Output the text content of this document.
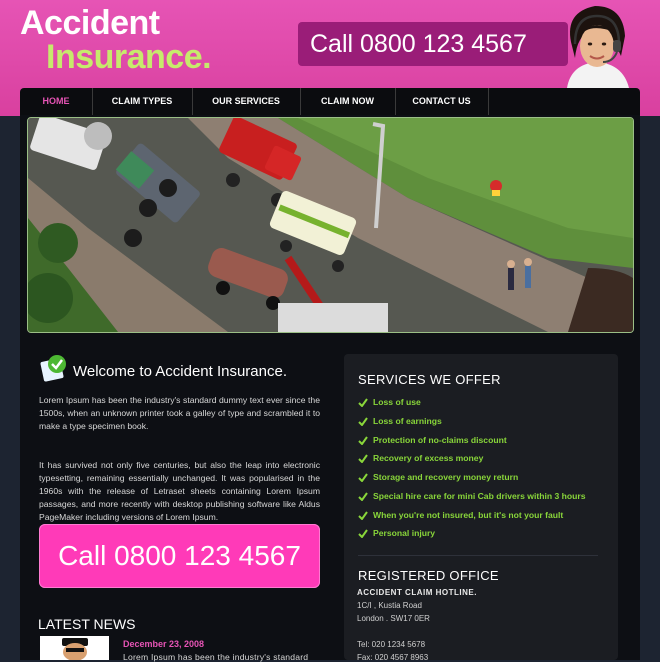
Accident
Insurance.	Call 0800 123 4567
HOME	CLAIM TYPES	OUR SERVICES	CLAIM NOW	CONTACT US
Welcome to Accident Insurance.

Lorem Ipsum has been the industry's standard dummy text ever since the 1500s, when an unknown printer took a galley of type and scrambled it to make a type specimen book.

It has survived not only five centuries, but also the leap into electronic typesetting, remaining essentially unchanged. It was popularised in the 1960s with the release of Letraset sheets containing Lorem Ipsum passages, and more recently with desktop publishing software like Aldus PageMaker including versions of Lorem Ipsum.

Call 0800 123 4567
LATEST NEWS
December 23, 2008
Lorem Ipsum has been the industry's standard
SERVICES WE OFFER
Loss of use
Loss of earnings
Protection of no-claims discount
Recovery of excess money
Storage and recovery money return
Special hire care for mini Cab drivers within 3 hours
When you're not insured, but it's not your fault
Personal injury
REGISTERED OFFICE
ACCIDENT CLAIM HOTLINE.
1C/I , Kustia Road
London . SW17 0ER
Tel: 020 1234 5678
Fax: 020 4567 8963
